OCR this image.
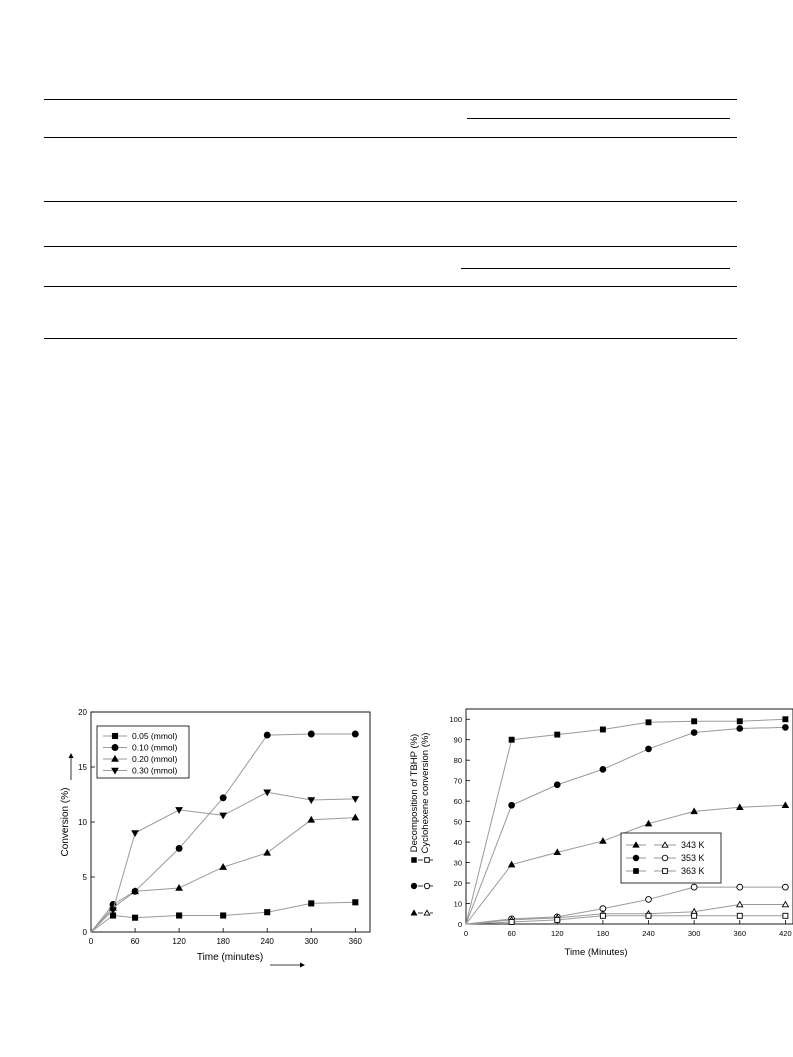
0	60	120	180	240	300	360
0
5
10
15
20
Time (minutes)
Conversion (%)
0.05 (mmol)
0.10 (mmol)
0.20 (mmol)
0.30 (mmol)
0	60	120	180	240	300	360	420
0
10
20
30
40
50
60
70
80
90
100
Time (Minutes)
Decomposition of TBHP (%) Cyclohexene conversion (%)	343 K
353 K
363 K
